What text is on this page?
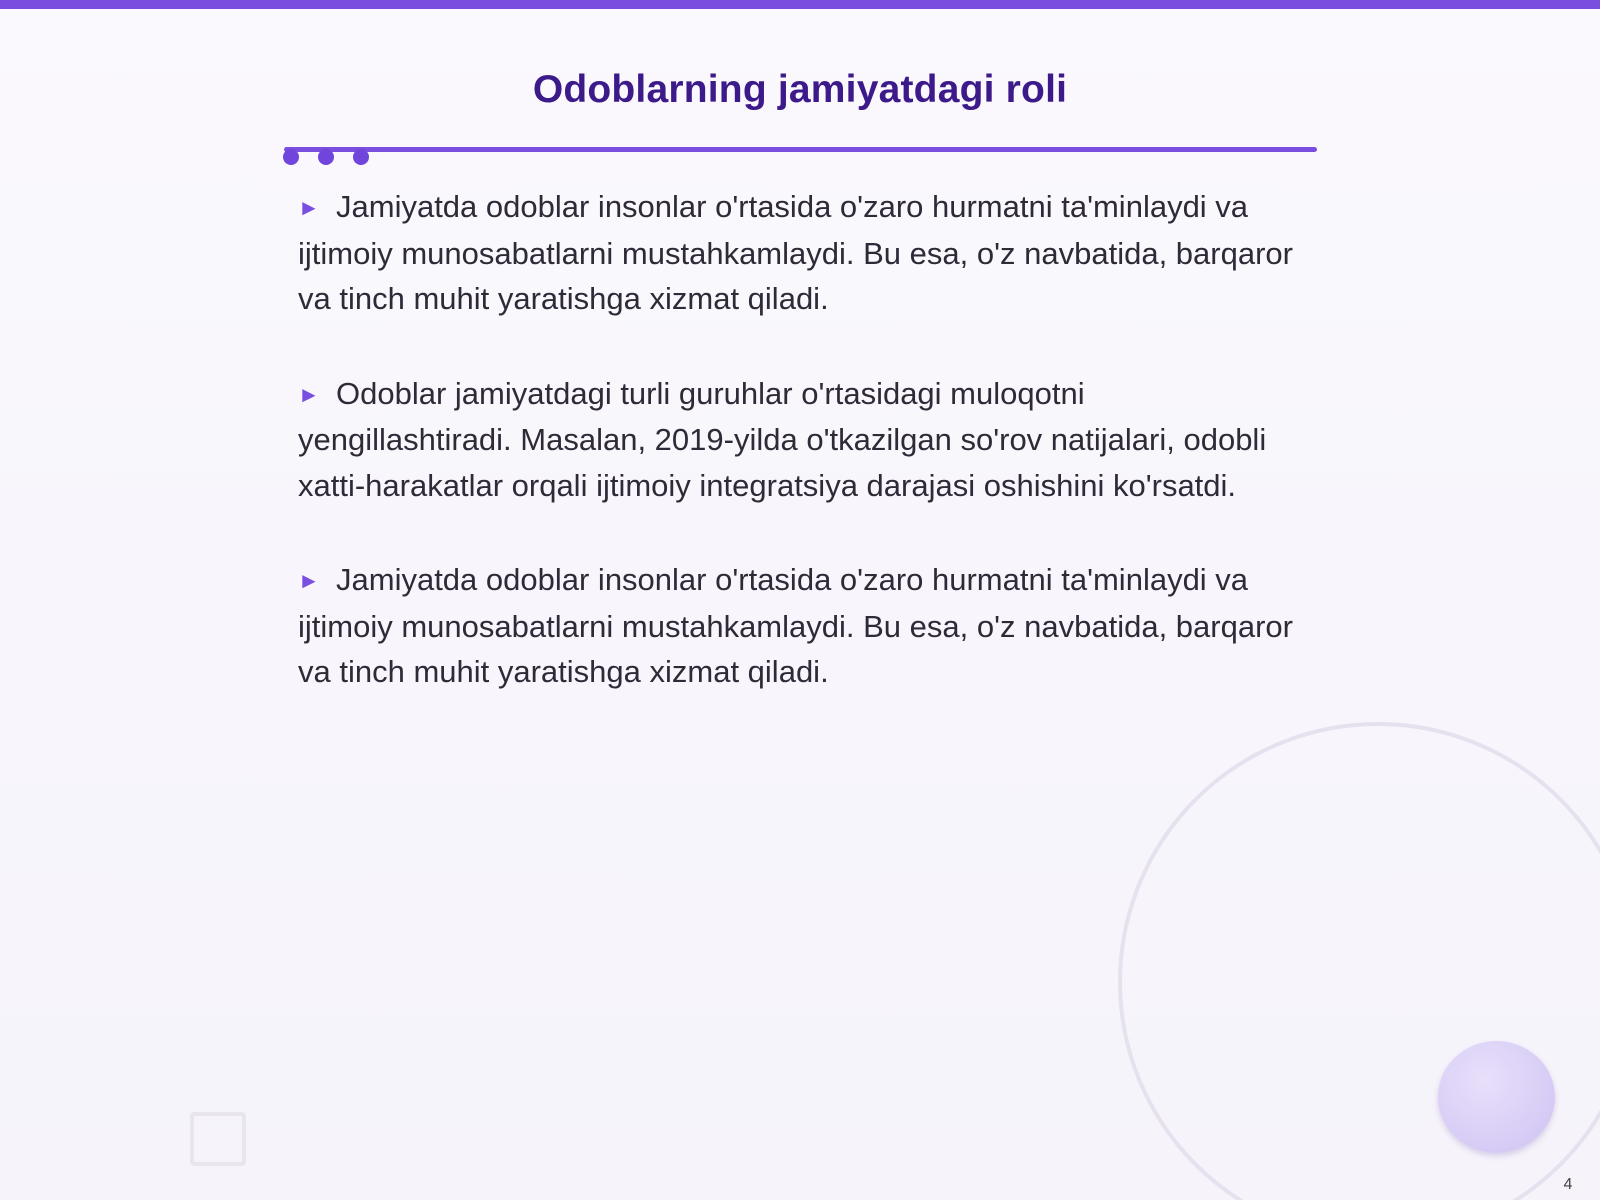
Odoblarning jamiyatdagi roli

► Jamiyatda odoblar insonlar o'rtasida o'zaro hurmatni ta'minlaydi va ijtimoiy munosabatlarni mustahkamlaydi. Bu esa, o'z navbatida, barqaror va tinch muhit yaratishga xizmat qiladi.

► Odoblar jamiyatdagi turli guruhlar o'rtasidagi muloqotni yengillashtiradi. Masalan, 2019-yilda o'tkazilgan so'rov natijalari, odobli xatti-harakatlar orqali ijtimoiy integratsiya darajasi oshishini ko'rsatdi.

► Jamiyatda odoblar insonlar o'rtasida o'zaro hurmatni ta'minlaydi va ijtimoiy munosabatlarni mustahkamlaydi. Bu esa, o'z navbatida, barqaror va tinch muhit yaratishga xizmat qiladi.

4
